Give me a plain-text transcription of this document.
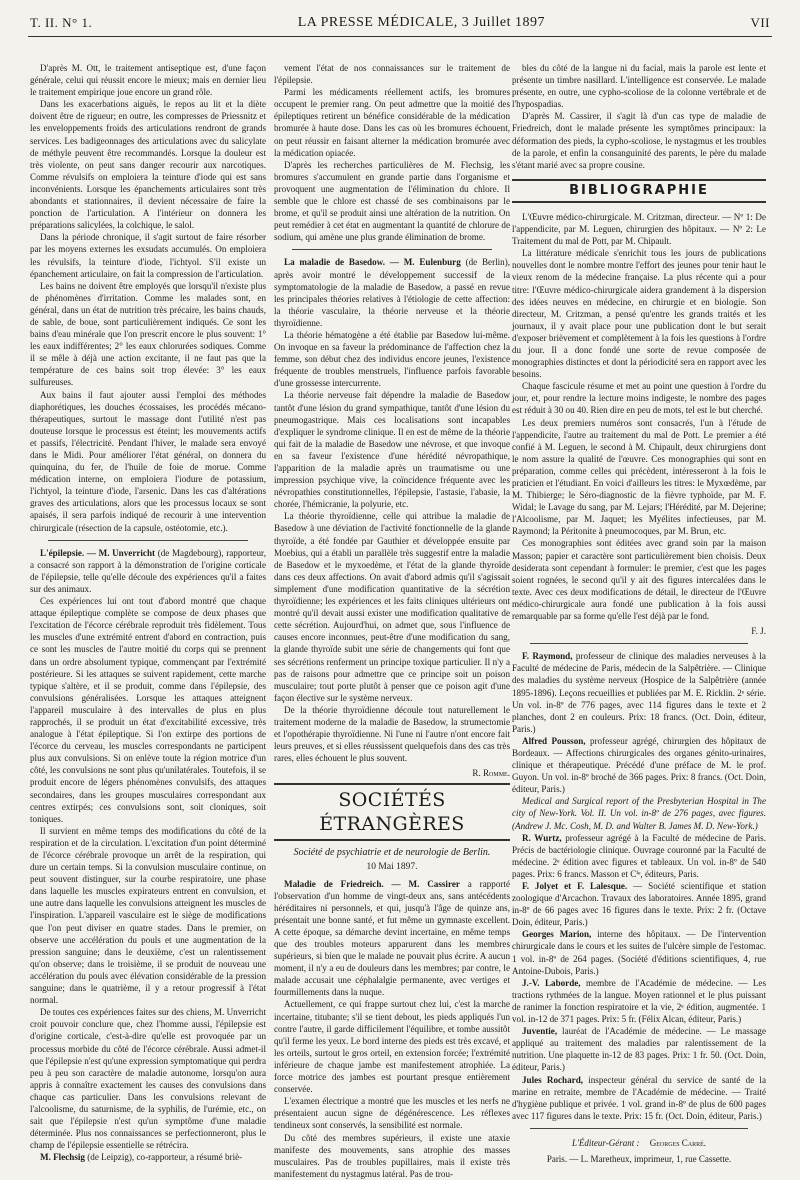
T. II. N° 1.	LA PRESSE MÉDICALE, 3 Juillet 1897	VII

D'après M. Ott, le traitement antiseptique est, d'une façon générale, celui qui réussit encore le mieux; mais en dernier lieu le traitement empirique joue encore un grand rôle.

Dans les exacerbations aiguës, le repos au lit et la diète doivent être de rigueur; en outre, les compresses de Priessnitz et les enveloppements froids des articulations rendront de grands services. Les badigeonnages des articulations avec du salicylate de méthyle peuvent être recommandés. Lorsque la douleur est très violente, on peut sans danger recourir aux narcotiques. Comme révulsifs on emploiera la teinture d'iode qui est sans inconvénients. Lorsque les épanchements articulaires sont très abondants et stationnaires, il devient nécessaire de faire la ponction de l'articulation. A l'intérieur on donnera les préparations salicylées, la colchique, le salol.

Dans la période chronique, il s'agit surtout de faire résorber par les moyens externes les exsudats accumulés. On emploiera les révulsifs, la teinture d'iode, l'ichtyol. S'il existe un épanchement articulaire, on fait la compression de l'articulation.

Les bains ne doivent être employés que lorsqu'il n'existe plus de phénomènes d'irritation. Comme les malades sont, en général, dans un état de nutrition très précaire, les bains chauds, de sable, de boue, sont particulièrement indiqués. Ce sont les bains d'eau minérale que l'on prescrit encore le plus souvent: 1° les eaux indifférentes; 2° les eaux chlorurées sodiques. Comme il se mêle à déjà une action excitante, il ne faut pas que la température de ces bains soit trop élevée: 3° les eaux sulfureuses.

Aux bains il faut ajouter aussi l'emploi des méthodes diaphorétiques, les douches écossaises, les procédés mécano-thérapeutiques, surtout le massage dont l'utilité n'est pas douteuse lorsque le processus est éteint; les mouvements actifs et passifs, l'électricité. Pendant l'hiver, le malade sera envoyé dans le Midi. Pour améliorer l'état général, on donnera du quinquina, du fer, de l'huile de foie de morue. Comme médication interne, on emploiera l'iodure de potassium, l'ichtyol, la teinture d'iode, l'arsenic. Dans les cas d'altérations graves des articulations, alors que les processus locaux se sont apaisés, il sera parfois indiqué de recourir à une intervention chirurgicale (résection de la capsule, ostéotomie, etc.).

L'épilepsie. — M. Unverricht (de Magdebourg), rapporteur, a consacré son rapport à la démonstration de l'origine corticale de l'épilepsie, telle qu'elle découle des expériences qu'il a faites sur des animaux.

Ces expériences lui ont tout d'abord montré que chaque attaque épileptique complète se compose de deux phases que l'excitation de l'écorce cérébrale reproduit très fidèlement. Tous les muscles d'une extrémité entrent d'abord en contraction, puis ce sont les muscles de l'autre moitié du corps qui se prennent dans un ordre absolument typique, commençant par l'extrémité postérieure. Si les attaques se suivent rapidement, cette marche typique s'altère, et il se produit, comme dans l'épilepsie, des convulsions généralisées. Lorsque les attaques atteignent l'appareil musculaire à des intervalles de plus en plus rapprochés, il se produit un état d'excitabilité excessive, très analogue à l'état épileptique. Si l'on extirpe des portions de l'écorce du cerveau, les muscles correspondants ne participent plus aux convulsions. Si on enlève toute la région motrice d'un côté, les convulsions ne sont plus qu'unilatérales. Toutefois, il se produit encore de légers phénomènes convulsifs, des attaques secondaires, dans les groupes musculaires correspondant aux centres extirpés; ces convulsions sont, soit cloniques, soit toniques.

Il survient en même temps des modifications du côté de la respiration et de la circulation. L'excitation d'un point déterminé de l'écorce cérébrale provoque un arrêt de la respiration, qui dure un certain temps. Si la convulsion musculaire continue, on peut souvent distinguer, sur la courbe respiratoire, une phase dans laquelle les muscles expirateurs entrent en convulsion, et une autre dans laquelle les convulsions atteignent les muscles de l'inspiration. L'appareil vasculaire est le siège de modifications que l'on peut diviser en quatre stades. Dans le premier, on observe une accélération du pouls et une augmentation de la pression sanguine; dans le deuxième, c'est un ralentissement qu'on observe; dans le troisième, il se produit de nouveau une accélération du pouls avec élévation considérable de la pression sanguine; dans le quatrième, il y a retour progressif à l'état normal.

De toutes ces expériences faites sur des chiens, M. Unverricht croit pouvoir conclure que, chez l'homme aussi, l'épilepsie est d'origine corticale, c'est-à-dire qu'elle est provoquée par un processus morbide du côté de l'écorce cérébrale. Aussi admet-il que l'épilepsie n'est qu'une expression symptomatique qui perdra peu à peu son caractère de maladie autonome, lorsqu'on aura appris à connaître exactement les causes des convulsions dans chaque cas particulier. Dans les convulsions relevant de l'alcoolisme, du saturnisme, de la syphilis, de l'urémie, etc., on sait que l'épilepsie n'est qu'un symptôme d'une maladie déterminée. Plus nos connaissances se perfectionneront, plus le champ de l'épilepsie essentielle se rétrécira.

M. Flechsig (de Leipzig), co-rapporteur, a résumé briè-

vement l'état de nos connaissances sur le traitement de l'épilepsie.

Parmi les médicaments réellement actifs, les bromures occupent le premier rang. On peut admettre que la moitié des épileptiques retirent un bénéfice considérable de la médication bromurée à haute dose. Dans les cas où les bromures échouent, on peut réussir en faisant alterner la médication bromurée avec la médication opiacée.

D'après les recherches particulières de M. Flechsig, les bromures s'accumulent en grande partie dans l'organisme et provoquent une augmentation de l'élimination du chlore. Il semble que le chlore est chassé de ses combinaisons par le brome, et qu'il se produit ainsi une altération de la nutrition. On peut remédier à cet état en augmentant la quantité de chlorure de sodium, qui amène une plus grande élimination de brome.

La maladie de Basedow. — M. Eulenburg (de Berlin), après avoir montré le développement successif de la symptomatologie de la maladie de Basedow, a passé en revue les principales théories relatives à l'étiologie de cette affection: la théorie vasculaire, la théorie nerveuse et la théorie thyroïdienne.

La théorie hématogène a été établie par Basedow lui-même. On invoque en sa faveur la prédominance de l'affection chez la femme, son début chez des individus encore jeunes, l'existence fréquente de troubles menstruels, l'influence parfois favorable d'une grossesse intercurrente.

La théorie nerveuse fait dépendre la maladie de Basedow tantôt d'une lésion du grand sympathique, tantôt d'une lésion du pneumogastrique. Mais ces localisations sont incapables d'expliquer le syndrome clinique. Il en est de même de la théorie qui fait de la maladie de Basedow une névrose, et que invoque en sa faveur l'existence d'une hérédité névropathique, l'apparition de la maladie après un traumatisme ou une impression psychique vive, la coïncidence fréquente avec les névropathies constitutionnelles, l'épilepsie, l'astasie, l'abasie, la chorée, l'hémicranie, la polyurie, etc.

La théorie thyroïdienne, celle qui attribue la maladie de Basedow à une déviation de l'activité fonctionnelle de la glande thyroïde, a été fondée par Gauthier et développée ensuite par Moebius, qui a établi un parallèle très suggestif entre la maladie de Basedow et le myxoedème, et l'état de la glande thyroïde dans ces deux affections. On avait d'abord admis qu'il s'agissait simplement d'une modification quantitative de la sécrétion thyroïdienne; les expériences et les faits cliniques ultérieurs ont montré qu'il devait aussi exister une modification qualitative de cette sécrétion. Aujourd'hui, on admet que, sous l'influence de causes encore inconnues, peut-être d'une modification du sang, la glande thyroïde subit une série de changements qui font que ses sécrétions renferment un principe toxique particulier. Il n'y a pas de raisons pour admettre que ce principe soit un poison musculaire; tout porte plutôt à penser que ce poison agit d'une façon élective sur le système nerveux.

De la théorie thyroïdienne découle tout naturellement le traitement moderne de la maladie de Basedow, la strumectomie et l'opothérapie thyroïdienne. Ni l'une ni l'autre n'ont encore fait leurs preuves, et si elles réussissent quelquefois dans des cas très rares, elles échouent le plus souvent.

R. Romme.
SOCIÉTÉS ÉTRANGÈRES
Société de psychiatrie et de neurologie de Berlin.
10 Mai 1897.

Maladie de Friedreich. — M. Cassirer a rapporté l'observation d'un homme de vingt-deux ans, sans antécédents héréditaires ni personnels, et qui, jusqu'à l'âge de quinze ans, présentait une bonne santé, et fut même un gymnaste excellent. A cette époque, sa démarche devint incertaine, en même temps que des troubles moteurs apparurent dans les membres supérieurs, si bien que le malade ne pouvait plus écrire. A aucun moment, il n'y a eu de douleurs dans les membres; par contre, le malade accusait une céphalalgie permanente, avec vertiges et fourmillements dans la nuque.

Actuellement, ce qui frappe surtout chez lui, c'est la marche incertaine, titubante; s'il se tient debout, les pieds appliqués l'un contre l'autre, il garde difficilement l'équilibre, et tombe aussitôt qu'il ferme les yeux. Le bord interne des pieds est très excavé, et les orteils, surtout le gros orteil, en extension forcée; l'extrémité inférieure de chaque jambe est manifestement atrophiée. La force motrice des jambes est pourtant presque entièrement conservée.

L'examen électrique a montré que les muscles et les nerfs ne présentaient aucun signe de dégénérescence. Les réflexes tendineux sont conservés, la sensibilité est normale.

Du côté des membres supérieurs, il existe une ataxie manifeste des mouvements, sans atrophie des masses musculaires. Pas de troubles pupillaires, mais il existe très manifestement du nystagmus latéral. Pas de trou-

bles du côté de la langue ni du facial, mais la parole est lente et présente un timbre nasillard. L'intelligence est conservée. Le malade présente, en outre, une cypho-scoliose de la colonne vertébrale et de l'hypospadias.

D'après M. Cassirer, il s'agit là d'un cas type de maladie de Friedreich, dont le malade présente les symptômes principaux: la déformation des pieds, la cypho-scoliose, le nystagmus et les troubles de la parole, et enfin la consanguinité des parents, le père du malade s'étant marié avec sa propre cousine.

BIBLIOGRAPHIE

L'Œuvre médico-chirurgicale. M. Critzman, directeur. — Nº 1: De l'appendicite, par M. Leguen, chirurgien des hôpitaux. — Nº 2: Le Traitement du mal de Pott, par M. Chipault.

La littérature médicale s'enrichit tous les jours de publications nouvelles dont le nombre montre l'effort des jeunes pour tenir haut le vieux renom de la médecine française. La plus récente qui a pour titre: l'Œuvre médico-chirurgicale aidera grandement à la dispersion des idées neuves en médecine, en chirurgie et en biologie. Son directeur, M. Critzman, a pensé qu'entre les grands traités et les journaux, il y avait place pour une publication dont le but serait d'exposer brièvement et complètement à la fois les questions à l'ordre du jour. Il a donc fondé une sorte de revue composée de monographies distinctes et dont la périodicité sera en rapport avec les besoins.

Chaque fascicule résume et met au point une question à l'ordre du jour, et, pour rendre la lecture moins indigeste, le nombre des pages est réduit à 30 ou 40. Rien dire en peu de mots, tel est le but cherché.

Les deux premiers numéros sont consacrés, l'un à l'étude de l'appendicite, l'autre au traitement du mal de Pott. Le premier a été confié à M. Leguen, le second à M. Chipault, deux chirurgiens dont le nom assure la qualité de l'œuvre. Ces monographies qui sont en préparation, comme celles qui précèdent, intéresseront à la fois le praticien et l'étudiant. En voici d'ailleurs les titres: le Myxœdème, par M. Thibierge; le Séro-diagnostic de la fièvre typhoïde, par M. F. Widal; le Lavage du sang, par M. Lejars; l'Hérédité, par M. Dejerine; l'Alcoolisme, par M. Jaquet; les Myélites infectieuses, par M. Raymond; la Péritonite à pneumocoques, par M. Brun, etc.

Ces monographies sont éditées avec grand soin par la maison Masson; papier et caractère sont particulièrement bien choisis. Deux desiderata sont cependant à formuler: le premier, c'est que les pages soient rognées, le second qu'il y ait des figures intercalées dans le texte. Avec ces deux modifications de détail, le directeur de l'Œuvre médico-chirurgicale aura fondé une publication à la fois aussi remarquable par sa forme qu'elle l'est déjà par le fond.

F. J.

F. Raymond, professeur de clinique des maladies nerveuses à la Faculté de médecine de Paris, médecin de la Salpêtrière. — Clinique des maladies du système nerveux (Hospice de la Salpêtrière (année 1895-1896). Leçons recueillies et publiées par M. E. Ricklin. 2ᵉ série. Un vol. in-8º de 776 pages, avec 114 figures dans le texte et 2 planches, dont 2 en couleurs. Prix: 18 francs. (Oct. Doin, éditeur, Paris.)

Alfred Pousson, professeur agrégé, chirurgien des hôpitaux de Bordeaux. — Affections chirurgicales des organes génito-urinaires, clinique et thérapeutique. Précédé d'une préface de M. le prof. Guyon. Un vol. in-8º broché de 366 pages. Prix: 8 francs. (Oct. Doin, éditeur, Paris.)

Medical and Surgical report of the Presbyterian Hospital in The city of New-York. Vol. II. Un vol. in-8º de 276 pages, avec figures. (Andrew J. Mc. Cosh, M. D. and Walter B. James M. D. New-York.)

R. Wurtz, professeur agrégé à la Faculté de médecine de Paris. Précis de bactériologie clinique. Ouvrage couronné par la Faculté de médecine. 2ᵉ édition avec figures et tableaux. Un vol. in-8º de 540 pages. Prix: 6 francs. Masson et Cⁱᵉ, éditeurs, Paris.

F. Jolyet et F. Lalesque. — Société scientifique et station zoologique d'Arcachon. Travaux des laboratoires. Année 1895, grand in-8º de 66 pages avec 16 figures dans le texte. Prix: 2 fr. (Octave Doin, éditeur, Paris.)

Georges Marion, interne des hôpitaux. — De l'intervention chirurgicale dans le cours et les suites de l'ulcère simple de l'estomac. 1 vol. in-8º de 264 pages. (Société d'éditions scientifiques, 4, rue Antoine-Dubois, Paris.)

J.-V. Laborde, membre de l'Académie de médecine. — Les tractions rythmées de la langue. Moyen rationnel et le plus puissant de ranimer la fonction respiratoire et la vie, 2ᵉ édition, augmentée. 1 vol. in-12 de 371 pages. Prix: 5 fr. (Félix Alcan, éditeur, Paris.)

Juventie, lauréat de l'Académie de médecine. — Le massage appliqué au traitement des maladies par ralentissement de la nutrition. Une plaquette in-12 de 83 pages. Prix: 1 fr. 50. (Oct. Doin, éditeur, Paris.)

Jules Rochard, inspecteur général du service de santé de la marine en retraite, membre de l'Académie de médecine. — Traité d'hygiène publique et privée. 1 vol. grand in-8º de plus de 600 pages avec 117 figures dans le texte. Prix: 15 fr. (Oct. Doin, éditeur, Paris.)

L'Éditeur-Gérant : Georges Carré.
Paris. — L. Maretheux, imprimeur, 1, rue Cassette.
